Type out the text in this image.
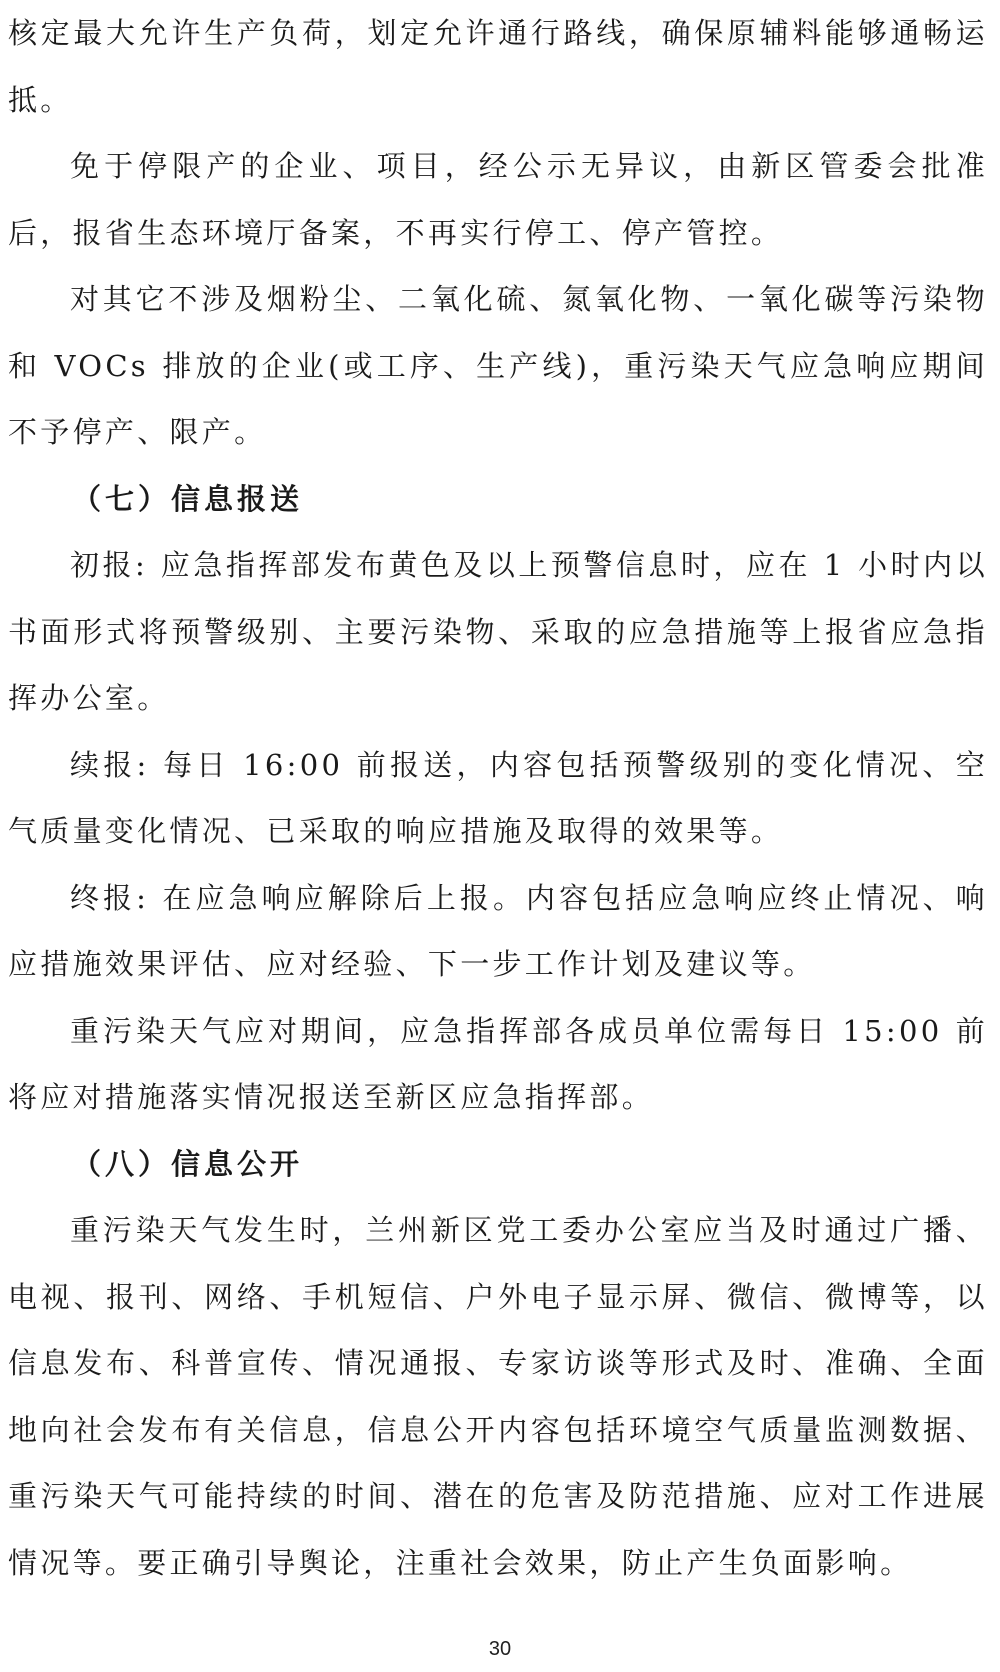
核定最大允许生产负荷，划定允许通行路线，确保原辅料能够通畅运抵。

免于停限产的企业、项目，经公示无异议，由新区管委会批准后，报省生态环境厅备案，不再实行停工、停产管控。

对其它不涉及烟粉尘、二氧化硫、氮氧化物、一氧化碳等污染物和 VOCs 排放的企业(或工序、生产线)，重污染天气应急响应期间不予停产、限产。

（七）信息报送

初报: 应急指挥部发布黄色及以上预警信息时，应在 1 小时内以书面形式将预警级别、主要污染物、采取的应急措施等上报省应急指挥办公室。

续报: 每日 16:00 前报送，内容包括预警级别的变化情况、空气质量变化情况、已采取的响应措施及取得的效果等。

终报: 在应急响应解除后上报。内容包括应急响应终止情况、响应措施效果评估、应对经验、下一步工作计划及建议等。

重污染天气应对期间，应急指挥部各成员单位需每日 15:00 前将应对措施落实情况报送至新区应急指挥部。

（八）信息公开

重污染天气发生时，兰州新区党工委办公室应当及时通过广播、电视、报刊、网络、手机短信、户外电子显示屏、微信、微博等，以信息发布、科普宣传、情况通报、专家访谈等形式及时、准确、全面地向社会发布有关信息，信息公开内容包括环境空气质量监测数据、重污染天气可能持续的时间、潜在的危害及防范措施、应对工作进展情况等。要正确引导舆论，注重社会效果，防止产生负面影响。

30
